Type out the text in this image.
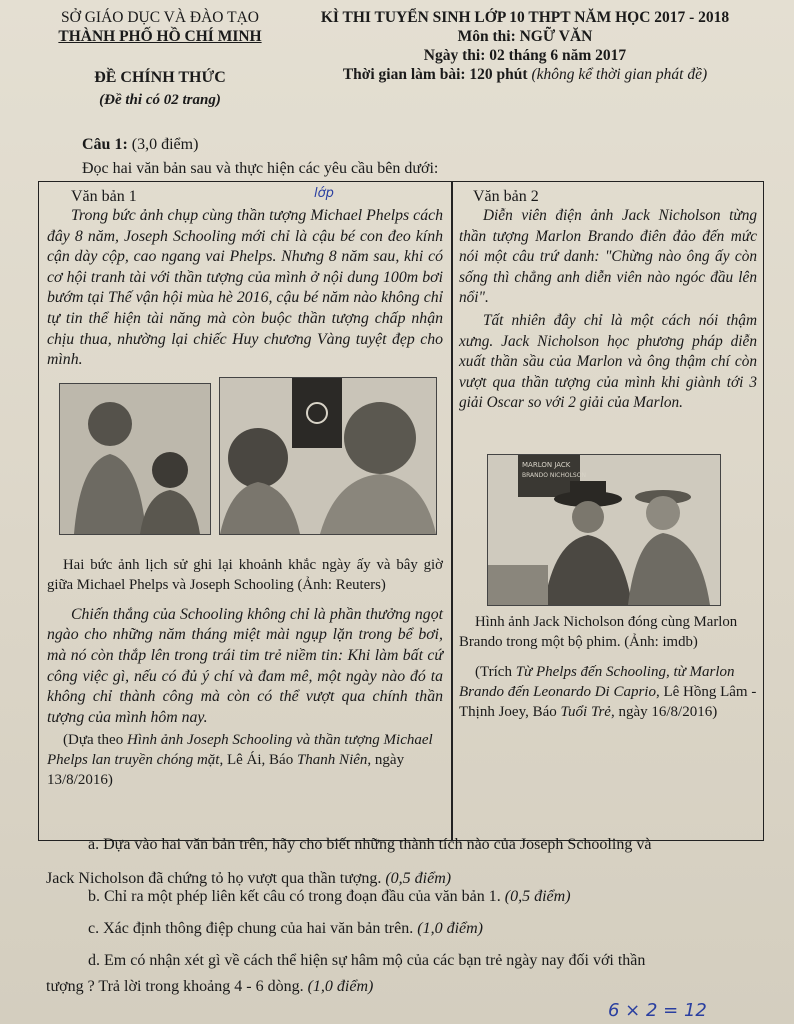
SỞ GIÁO DỤC VÀ ĐÀO TẠO
THÀNH PHỐ HỒ CHÍ MINH
ĐỀ CHÍNH THỨC
(Đề thi có 02 trang)
KÌ THI TUYỂN SINH LỚP 10 THPT NĂM HỌC 2017 - 2018
Môn thi: NGỮ VĂN
Ngày thi: 02 tháng 6 năm 2017
Thời gian làm bài: 120 phút (không kể thời gian phát đề)
Câu 1: (3,0 điểm)
Đọc hai văn bản sau và thực hiện các yêu cầu bên dưới:
Văn bản 1

Trong bức ảnh chụp cùng thần tượng Michael Phelps cách đây 8 năm, Joseph Schooling mới chỉ là cậu bé con đeo kính cận dày cộp, cao ngang vai Phelps. Nhưng 8 năm sau, khi có cơ hội tranh tài với thần tượng của mình ở nội dung 100m bơi bướm tại Thế vận hội mùa hè 2016, cậu bé năm nào không chỉ tự tin thể hiện tài năng mà còn buộc thần tượng chấp nhận chịu thua, nhường lại chiếc Huy chương Vàng tuyệt đẹp cho mình.

Hai bức ảnh lịch sử ghi lại khoảnh khắc ngày ấy và bây giờ giữa Michael Phelps và Joseph Schooling (Ảnh: Reuters)

Chiến thắng của Schooling không chỉ là phần thưởng ngọt ngào cho những năm tháng miệt mài ngụp lặn trong bể bơi, mà nó còn thắp lên trong trái tim trẻ niềm tin: Khi làm bất cứ công việc gì, nếu có đủ ý chí và đam mê, một ngày nào đó ta không chỉ thành công mà còn có thể vượt qua chính thần tượng của mình hôm nay.

(Dựa theo Hình ảnh Joseph Schooling và thần tượng Michael Phelps lan truyền chóng mặt, Lê Ái, Báo Thanh Niên, ngày 13/8/2016)

Văn bản 2

Diễn viên điện ảnh Jack Nicholson từng thần tượng Marlon Brando điên đảo đến mức nói một câu trứ danh: "Chừng nào ông ấy còn sống thì chẳng anh diễn viên nào ngóc đầu lên nổi".

Tất nhiên đây chỉ là một cách nói thậm xưng. Jack Nicholson học phương pháp diễn xuất thần sầu của Marlon và ông thậm chí còn vượt qua thần tượng của mình khi giành tới 3 giải Oscar so với 2 giải của Marlon.

MARLON JACK
BRANDO NICHOLSON

Hình ảnh Jack Nicholson đóng cùng Marlon Brando trong một bộ phim. (Ảnh: imdb)

(Trích Từ Phelps đến Schooling, từ Marlon Brando đến Leonardo Di Caprio, Lê Hồng Lâm - Thịnh Joey, Báo Tuổi Trẻ, ngày 16/8/2016)

a. Dựa vào hai văn bản trên, hãy cho biết những thành tích nào của Joseph Schooling và
Jack Nicholson đã chứng tỏ họ vượt qua thần tượng. (0,5 điểm)
b. Chỉ ra một phép liên kết câu có trong đoạn đầu của văn bản 1. (0,5 điểm)
c. Xác định thông điệp chung của hai văn bản trên. (1,0 điểm)
d. Em có nhận xét gì về cách thể hiện sự hâm mộ của các bạn trẻ ngày nay đối với thần
tượng ? Trả lời trong khoảng 4 - 6 dòng. (1,0 điểm)
lớp
6 × 2 = 12
